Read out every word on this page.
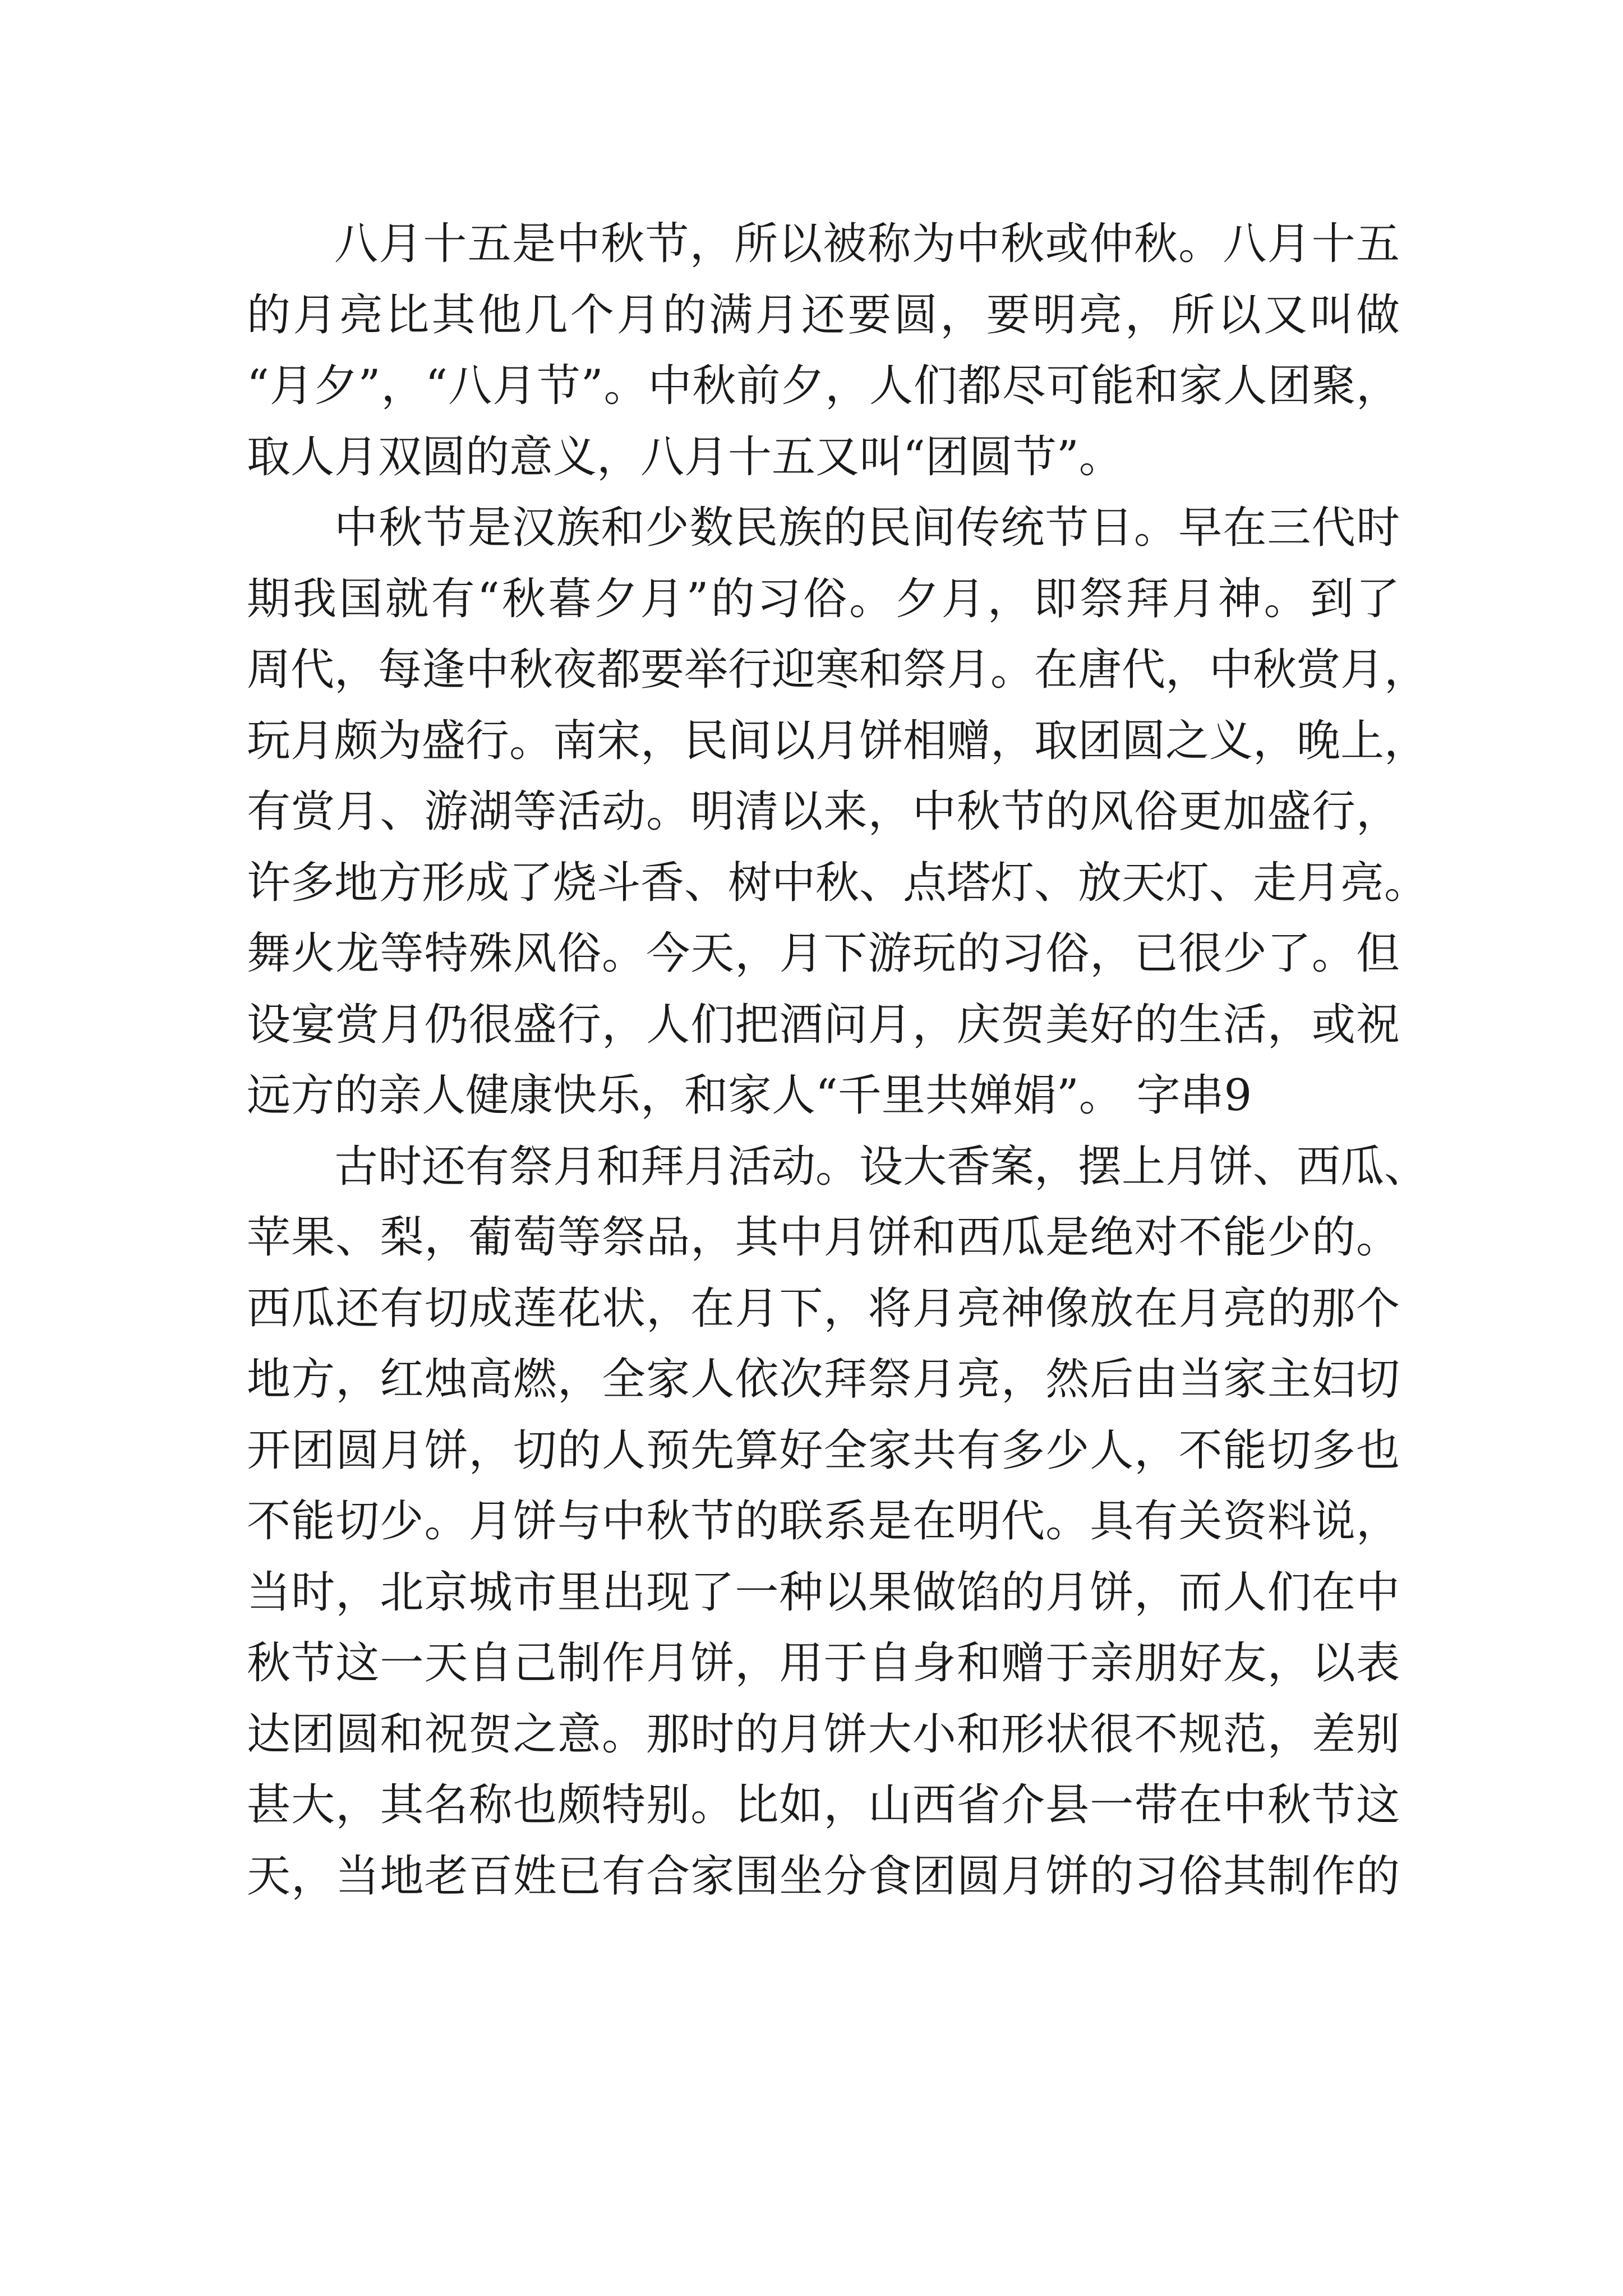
八月十五是中秋节，所以被称为中秋或仲秋。八月十五
的月亮比其他几个月的满月还要圆，要明亮，所以又叫做
“月夕”，“八月节”。中秋前夕，人们都尽可能和家人团聚，
取人月双圆的意义，八月十五又叫“团圆节”。
中秋节是汉族和少数民族的民间传统节日。早在三代时
期我国就有“秋暮夕月”的习俗。夕月，即祭拜月神。到了
周代，每逢中秋夜都要举行迎寒和祭月。在唐代，中秋赏月，
玩月颇为盛行。南宋，民间以月饼相赠，取团圆之义，晚上，
有赏月、游湖等活动。明清以来，中秋节的风俗更加盛行，
许多地方形成了烧斗香、树中秋、点塔灯、放天灯、走月亮。
舞火龙等特殊风俗。今天，月下游玩的习俗，已很少了。但
设宴赏月仍很盛行，人们把酒问月，庆贺美好的生活，或祝
远方的亲人健康快乐，和家人“千里共婵娟”。 字串9
古时还有祭月和拜月活动。设大香案，摆上月饼、西瓜、
苹果、梨，葡萄等祭品，其中月饼和西瓜是绝对不能少的。
西瓜还有切成莲花状，在月下，将月亮神像放在月亮的那个
地方，红烛高燃，全家人依次拜祭月亮，然后由当家主妇切
开团圆月饼，切的人预先算好全家共有多少人，不能切多也
不能切少。月饼与中秋节的联系是在明代。具有关资料说，
当时，北京城市里出现了一种以果做馅的月饼，而人们在中
秋节这一天自己制作月饼，用于自身和赠于亲朋好友，以表
达团圆和祝贺之意。那时的月饼大小和形状很不规范，差别
甚大，其名称也颇特别。比如，山西省介县一带在中秋节这
天，当地老百姓已有合家围坐分食团圆月饼的习俗其制作的
